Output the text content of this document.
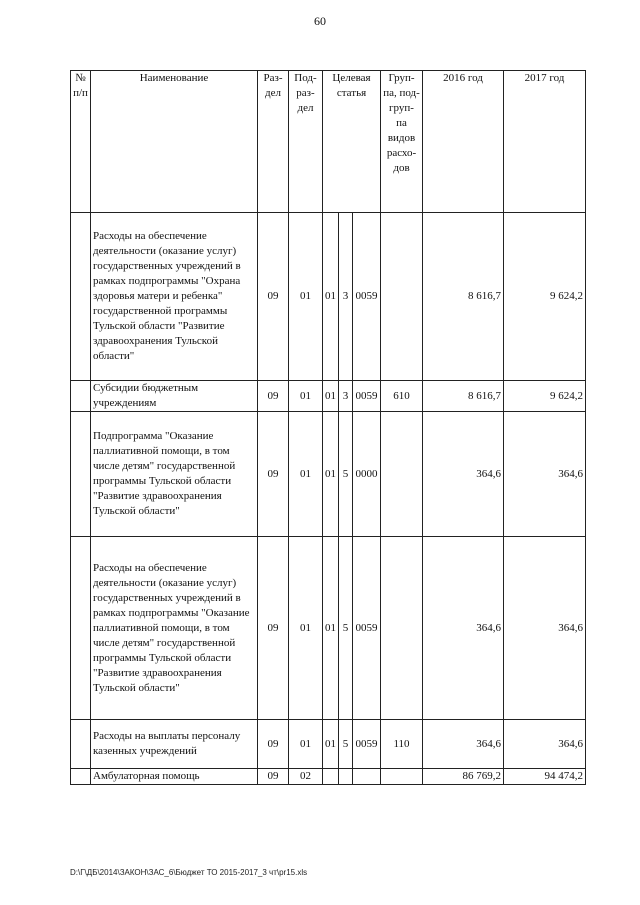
60
№ п/п	Наименование	Раз- дел	Под- раз- дел	Целевая статья			Груп- па, под- груп- па видов расхо- дов	2016 год	2017 год
	Расходы на обеспечение деятельности (оказание услуг) государственных учреждений в рамках подпрограммы "Охрана здоровья матери и ребенка" государственной программы Тульской области "Развитие здравоохранения Тульской области"	09	01	01	3	0059		8 616,7	9 624,2
	Субсидии бюджетным учреждениям	09	01	01	3	0059	610	8 616,7	9 624,2
	Подпрограмма "Оказание паллиативной помощи, в том числе детям" государственной программы Тульской области "Развитие здравоохранения Тульской области"	09	01	01	5	0000		364,6	364,6
	Расходы на обеспечение деятельности (оказание услуг) государственных учреждений в рамках подпрограммы "Оказание паллиативной помощи, в том числе детям" государственной программы Тульской области "Развитие здравоохранения Тульской области"	09	01	01	5	0059		364,6	364,6
	Расходы на выплаты персоналу казенных учреждений	09	01	01	5	0059	110	364,6	364,6
	Амбулаторная помощь	09	02					86 769,2	94 474,2
D:\Г\ДБ\2014\ЗАКОН\ЗАС_6\Бюджет ТО 2015-2017_3 чт\pr15.xls
